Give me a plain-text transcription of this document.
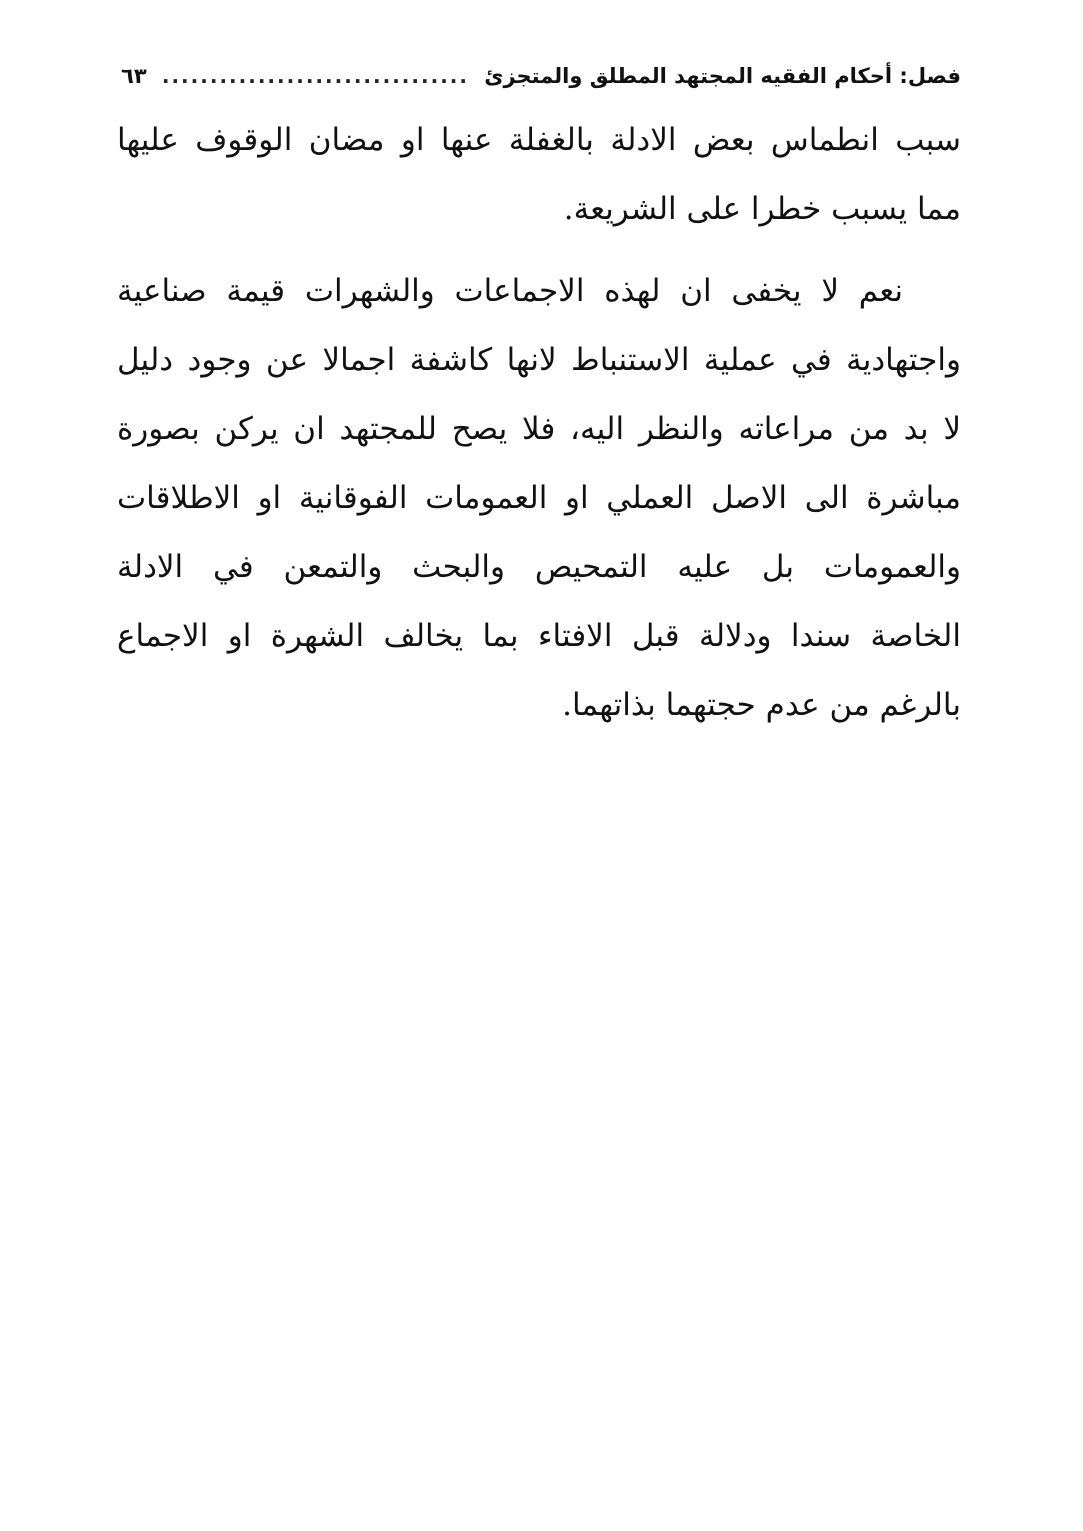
فصل: أحكام الفقيه المجتهد المطلق والمتجزئ
................................
٦٣
سبب انطماس بعض الادلة بالغفلة عنها او مضان الوقوف عليها
مما يسبب خطرا على الشريعة.
نعم لا يخفى ان لهذه الاجماعات والشهرات قيمة صناعية
واجتهادية في عملية الاستنباط لانها كاشفة اجمالا عن وجود دليل
لا بد من مراعاته والنظر اليه، فلا يصح للمجتهد ان يركن بصورة
مباشرة الى الاصل العملي او العمومات الفوقانية او الاطلاقات
والعمومات بل عليه التمحيص والبحث والتمعن في الادلة
الخاصة سندا ودلالة قبل الافتاء بما يخالف الشهرة او الاجماع
بالرغم من عدم حجتهما بذاتهما.
